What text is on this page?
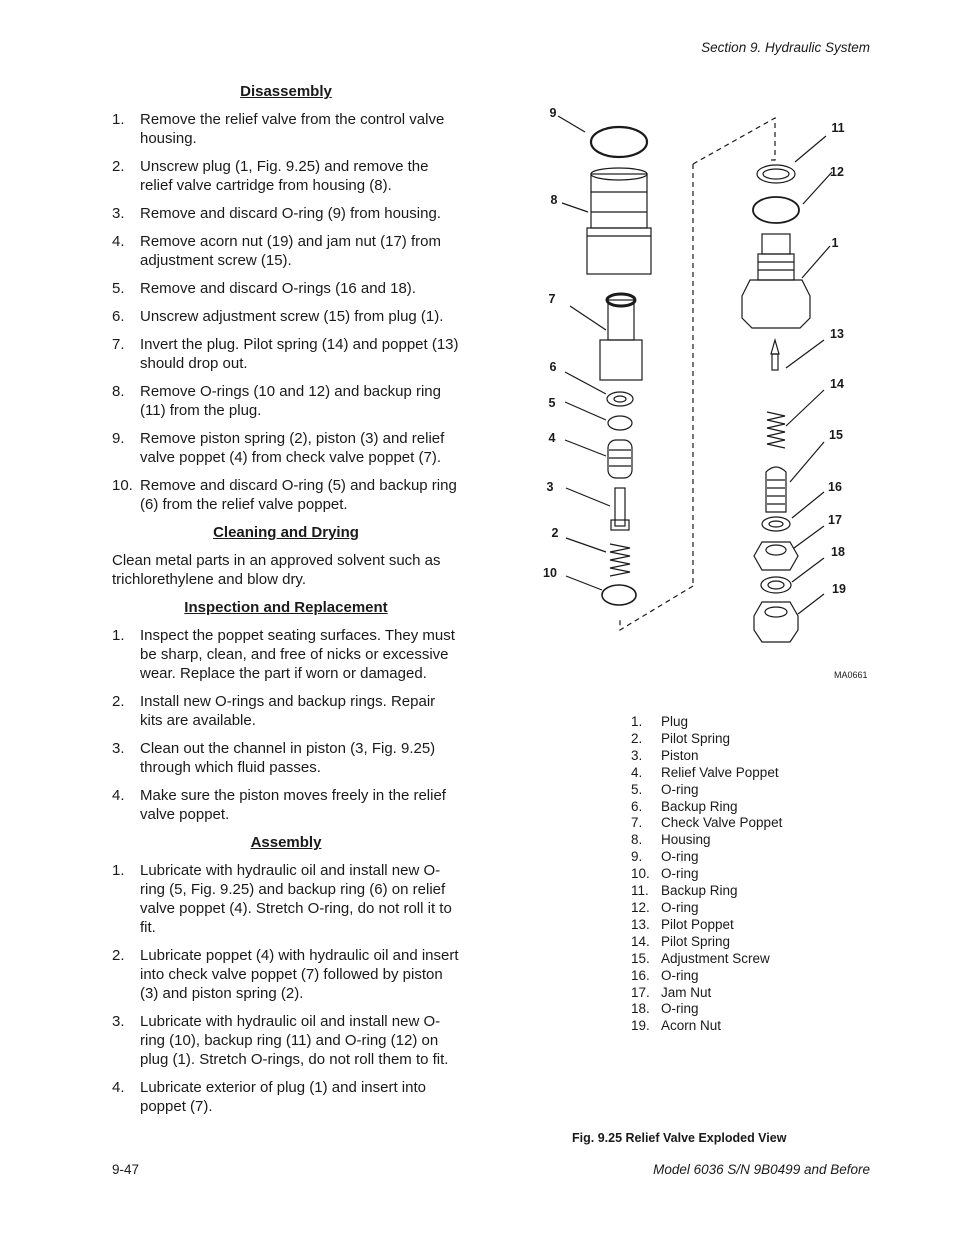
Section 9. Hydraulic System
Disassembly
1.	Remove the relief valve from the control valve housing.
2.	Unscrew plug (1, Fig. 9.25) and remove the relief valve cartridge from housing (8).
3.	Remove and discard O-ring (9) from housing.
4.	Remove acorn nut (19) and jam nut (17) from adjustment screw (15).
5.	Remove and discard O-rings (16 and 18).
6.	Unscrew adjustment screw (15) from plug (1).
7.	Invert the plug. Pilot spring (14) and poppet (13) should drop out.
8.	Remove O-rings (10 and 12) and backup ring (11) from the plug.
9.	Remove piston spring (2), piston (3) and relief valve poppet (4) from check valve poppet (7).
10. Remove and discard O-ring (5) and backup ring (6) from the relief valve poppet.
Cleaning and Drying

Clean metal parts in an approved solvent such as trichlorethylene and blow dry.

Inspection and Replacement
1.	Inspect the poppet seating surfaces. They must be sharp, clean, and free of nicks or excessive wear. Replace the part if worn or damaged.
2.	Install new O-rings and backup rings. Repair kits are available.
3.	Clean out the channel in piston (3, Fig. 9.25) through which fluid passes.
4.	Make sure the piston moves freely in the relief valve poppet.
Assembly
1.	Lubricate with hydraulic oil and install new O-ring (5, Fig. 9.25) and backup ring (6) on relief valve poppet (4). Stretch O-ring, do not roll it to fit.
2.	Lubricate poppet (4) with hydraulic oil and insert into check valve poppet (7) followed by piston (3) and piston spring (2).
3.	Lubricate with hydraulic oil and install new O-ring (10), backup ring (11) and O-ring (12) on plug (1). Stretch O-rings, do not roll them to fit.
4.	Lubricate exterior of plug (1) and insert into poppet (7).
9
8
7
6
5
4
3
2
10
11
12
1
13
14
15
16
17
18
19
MA0661
1.	Plug
2.	Pilot Spring
3.	Piston
4.	Relief Valve Poppet
5.	O-ring
6.	Backup Ring
7.	Check Valve Poppet
8.	Housing
9.	O-ring
10. O-ring
11. Backup Ring
12. O-ring
13. Pilot Poppet
14. Pilot Spring
15. Adjustment Screw
16. O-ring
17. Jam Nut
18. O-ring
19. Acorn Nut
Fig. 9.25 Relief Valve Exploded View
9-47	Model 6036 S/N 9B0499 and Before
